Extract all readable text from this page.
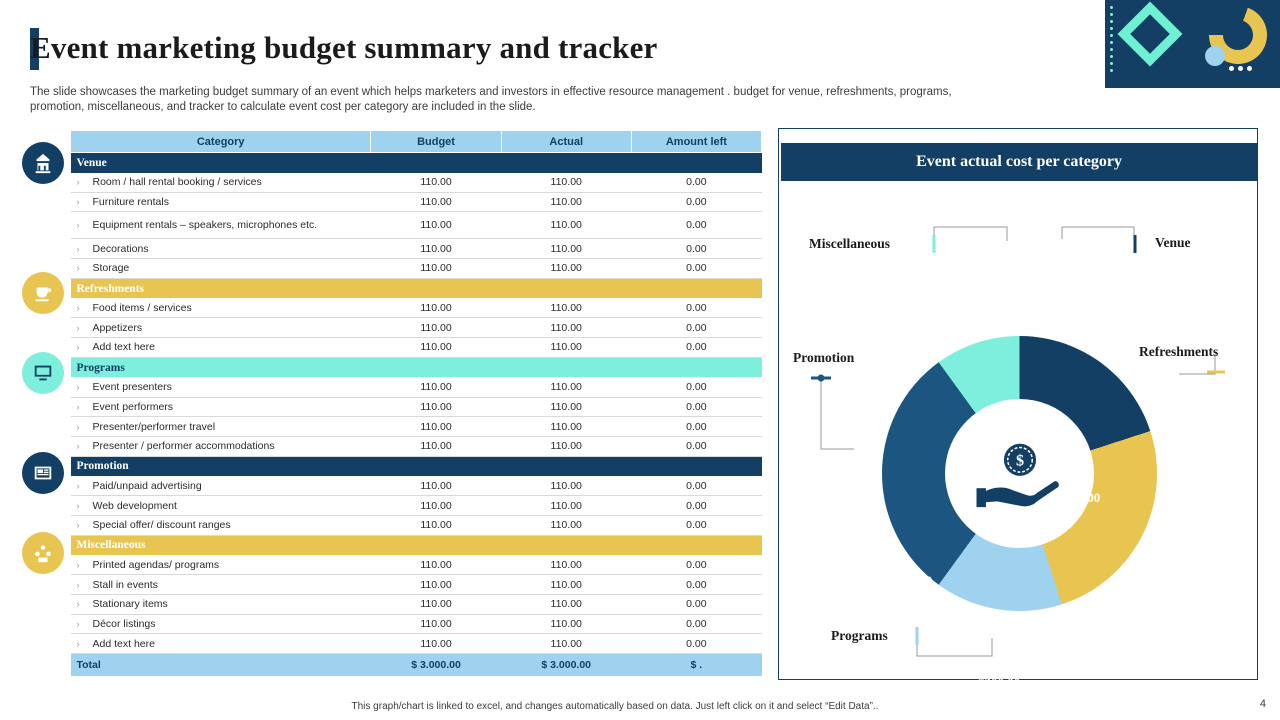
Event marketing budget summary and tracker
The slide showcases the marketing budget summary of an event which helps marketers and investors in effective resource management . budget for venue, refreshments, programs, promotion, miscellaneous, and tracker to calculate event cost per category are included in the slide.
Category	Budget	Actual	Amount left
Venue			
› Room / hall rental booking / services	110.00	110.00	0.00
› Furniture rentals	110.00	110.00	0.00
› Equipment rentals – speakers, microphones etc.	110.00	110.00	0.00
› Decorations	110.00	110.00	0.00
› Storage	110.00	110.00	0.00
Refreshments			
› Food items / services	110.00	110.00	0.00
› Appetizers	110.00	110.00	0.00
› Add text here	110.00	110.00	0.00
Programs			
› Event presenters	110.00	110.00	0.00
› Event performers	110.00	110.00	0.00
› Presenter/performer travel	110.00	110.00	0.00
› Presenter / performer accommodations	110.00	110.00	0.00
Promotion			
› Paid/unpaid advertising	110.00	110.00	0.00
› Web development	110.00	110.00	0.00
› Special offer/ discount ranges	110.00	110.00	0.00
Miscellaneous			
› Printed agendas/ programs	110.00	110.00	0.00
› Stall in events	110.00	110.00	0.00
› Stationary items	110.00	110.00	0.00
› Décor listings	110.00	110.00	0.00
› Add text here	110.00	110.00	0.00
Total	$ 3.000.00	$ 3.000.00	$ .
Event actual cost per category
$
$400.00
$500.00
$300.00
$600.00
$200.00
Venue
Refreshments
Programs
Promotion
Miscellaneous
This graph/chart is linked to excel, and changes automatically based on data. Just left click on it and select “Edit Data”..	4
